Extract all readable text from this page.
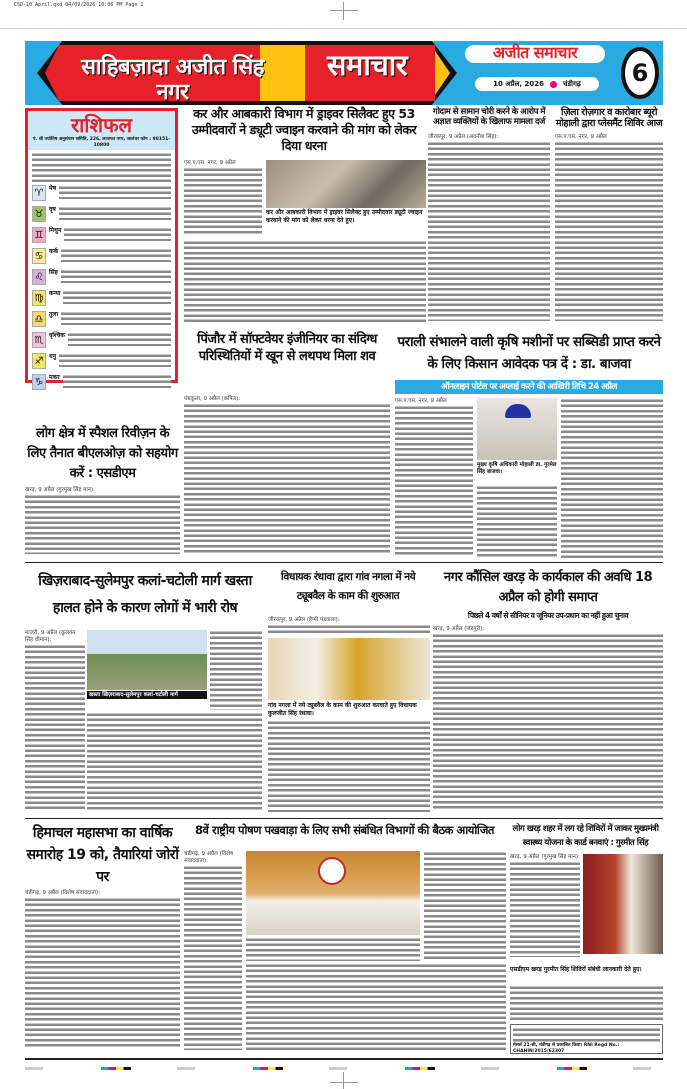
CSD-10 April.qxd 04/09/2026 10:06 PM Page 1
साहिबज़ादा अजीत सिंह नगर
समाचार	अजीत समाचार
10 अप्रैल, 2026	चंडीगढ़	6
राशिफल
पं. श्री ज्योतिष अनुसंधान समिति, 226, लाजपत नगर, जालंधर फोन : 98151-10800
♈ मेष
♉ वृष
♊ मिथुन
♋ कर्क
♌ सिंह
♍ कन्या
♎ तुला
♏ वृश्चिक
♐ धनु
♑ मकर
कर और आबकारी विभाग में ड्राइवर सिलैक्ट हुए 53 उम्मीदवारों ने ड्यूटी ज्वाइन करवाने की मांग को लेकर दिया धरना
एस.ए.एस. नगर, 9 अप्रैल
कर और आबकारी विभाग में ड्राइवर सिलैक्ट हुए उम्मीदवार ड्यूटी ज्वाइन करवाने की मांग को लेकर धरना देते हुए।
गोदाम से सामान चोरी करने के आरोप में अज्ञात व्यक्तियों के खिलाफ मामला दर्ज
जीरकपुर, 9 अप्रैल (अवनीश सिंह):
ज़िला रोज़गार व कारोबार ब्यूरो मोहाली द्वारा प्लेसमैंट शिविर आज
एस.ए.एस. नगर, 9 अप्रैल
पिंजौर में सॉफ्टवेयर इंजीनियर का संदिग्ध परिस्थितियों में खून से लथपथ मिला शव
पंचकूला, 9 अप्रैल (कपिल):
पराली संभालने वाली कृषि मशीनों पर सब्सिडी प्राप्त करने के लिए किसान आवेदक पत्र दें : डा. बाजवा
ऑनलाइन पोर्टल पर अप्लाई करने की आखिरी तिथि 24 अप्रैल
एस.ए.एस. नगर, 9 अप्रैल
मुख्य कृषि अधिकारी मोहाली डा. गुरमेल सिंह बाजवा।
लोग क्षेत्र में स्पैशल रिवीज़न के लिए तैनात बीएलओज़ को सहयोग करें : एसडीएम
खरड़, 9 अप्रैल (गुरमुख सिंह मान):
खिज़राबाद-सुलेमपुर कलां-चटोली मार्ग खस्ता हालत होने के कारण लोगों में भारी रोष
माजरी, 9 अप्रैल (कुलवंत सिंह धीमान):
खस्ता खिज़राबाद-सुलेमपुर कलां-चटोली मार्ग
विधायक रंधावा द्वारा गांव नगला में नये ट्यूबवैल के काम की शुरुआत
जीरकपुर, 9 अप्रैल (हैप्पी पंडवाला):
गांव नगला में नये ट्यूबवैल के काम की शुरुआत करवाते हुए विधायक कुलजीत सिंह रंधावा।
नगर कौंसिल खरड़ के कार्यकाल की अवधि 18 अप्रैल को होगी समाप्त
पिछले 4 वर्षों से सीनियर व जूनियर उप-प्रधान का नहीं हुआ चुनाव
खरड़, 9 अप्रैल (जंडपुरी):
हिमाचल महासभा का वार्षिक समारोह 19 को, तैयारियां जोरों पर
चंडीगढ़, 9 अप्रैल (विशेष संवाददाता):
8वें राष्ट्रीय पोषण पखवाड़ा के लिए सभी संबंधित विभागों की बैठक आयोजित
चंडीगढ़, 9 अप्रैल (विशेष संवाददाता):
लोग खरड़ शहर में लग रहे शिविरों में जाकर मुख्यमंत्री स्वास्थ्य योजना के कार्ड बनवाएं : गुरमीत सिंह
खरड़, 9 अप्रैल (गुरमुख सिंह मान):
एसडीएम खरड़ गुरमीत सिंह शिविरों संबंधी जानकारी देते हुए।
मेसर्स 21-सी, चंडीगढ़ से प्रकाशित किया। RNI Regd No.: CHAHIN/2015/62307
